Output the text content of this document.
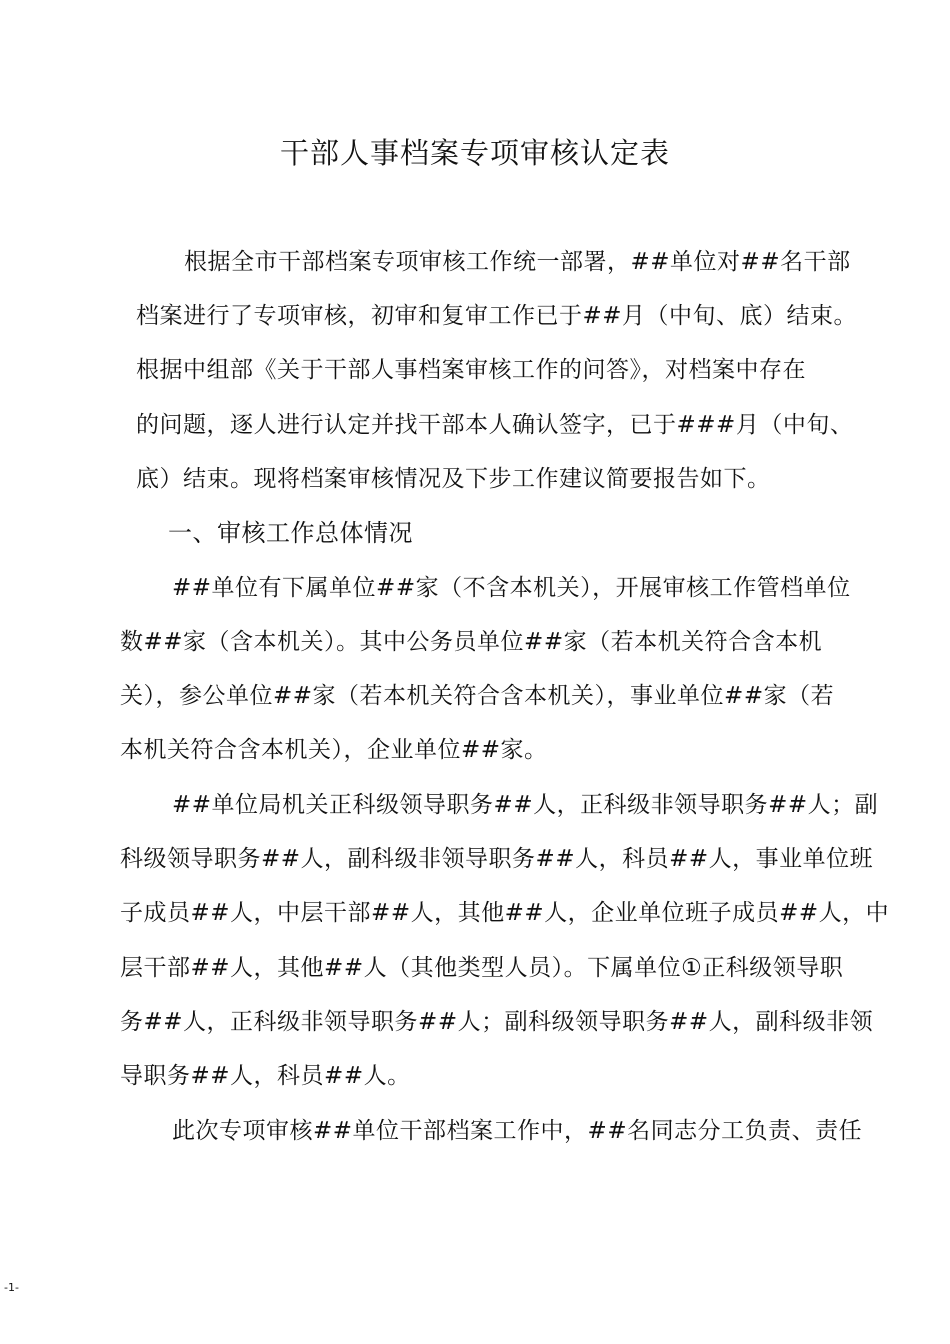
干部人事档案专项审核认定表
根据全市干部档案专项审核工作统一部署，##单位对##名干部
档案进行了专项审核，初审和复审工作已于##月（中旬、底）结束。
根据中组部《关于干部人事档案审核工作的问答》，对档案中存在
的问题，逐人进行认定并找干部本人确认签字，已于###月（中旬、
底）结束。现将档案审核情况及下步工作建议简要报告如下。
一、审核工作总体情况
##单位有下属单位##家（不含本机关），开展审核工作管档单位
数##家（含本机关）。其中公务员单位##家（若本机关符合含本机
关），参公单位##家（若本机关符合含本机关），事业单位##家（若
本机关符合含本机关），企业单位##家。
##单位局机关正科级领导职务##人，正科级非领导职务##人；副
科级领导职务##人，副科级非领导职务##人，科员##人，事业单位班
子成员##人，中层干部##人，其他##人，企业单位班子成员##人，中
层干部##人，其他##人（其他类型人员）。下属单位①正科级领导职
务##人，正科级非领导职务##人；副科级领导职务##人，副科级非领
导职务##人，科员##人。
此次专项审核##单位干部档案工作中，##名同志分工负责、责任
-1-
